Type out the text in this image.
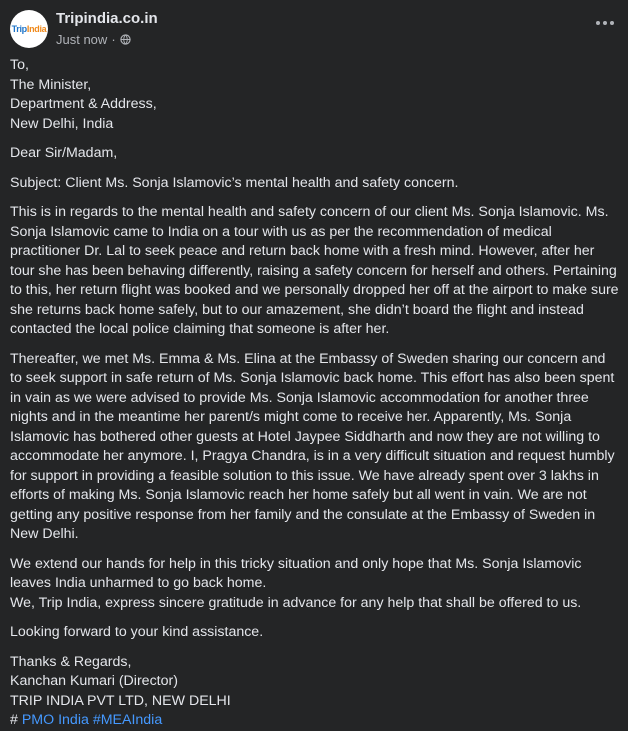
TripIndia
Tripindia.co.in
Just now ·

To,

The Minister,

Department & Address,

New Delhi, India

Dear Sir/Madam,

Subject: Client Ms. Sonja Islamovic’s mental health and safety concern.

This is in regards to the mental health and safety concern of our client Ms. Sonja Islamovic. Ms. Sonja Islamovic came to India on a tour with us as per the recommendation of medical practitioner Dr. Lal to seek peace and return back home with a fresh mind. However, after her tour she has been behaving differently, raising a safety concern for herself and others. Pertaining to this, her return flight was booked and we personally dropped her off at the airport to make sure she returns back home safely, but to our amazement, she didn’t board the flight and instead contacted the local police claiming that someone is after her.

Thereafter, we met Ms. Emma & Ms. Elina at the Embassy of Sweden sharing our concern and to seek support in safe return of Ms. Sonja Islamovic back home. This effort has also been spent in vain as we were advised to provide Ms. Sonja Islamovic accommodation for another three nights and in the meantime her parent/s might come to receive her. Apparently, Ms. Sonja Islamovic has bothered other guests at Hotel Jaypee Siddharth and now they are not willing to accommodate her anymore. I, Pragya Chandra, is in a very difficult situation and request humbly for support in providing a feasible solution to this issue. We have already spent over 3 lakhs in efforts of making Ms. Sonja Islamovic reach her home safely but all went in vain. We are not getting any positive response from her family and the consulate at the Embassy of Sweden in New Delhi.

We extend our hands for help in this tricky situation and only hope that Ms. Sonja Islamovic leaves India unharmed to go back home.

We, Trip India, express sincere gratitude in advance for any help that shall be offered to us.

Looking forward to your kind assistance.

Thanks & Regards,

Kanchan Kumari (Director)

TRIP INDIA PVT LTD, NEW DELHI

# PMO India #MEAIndia
